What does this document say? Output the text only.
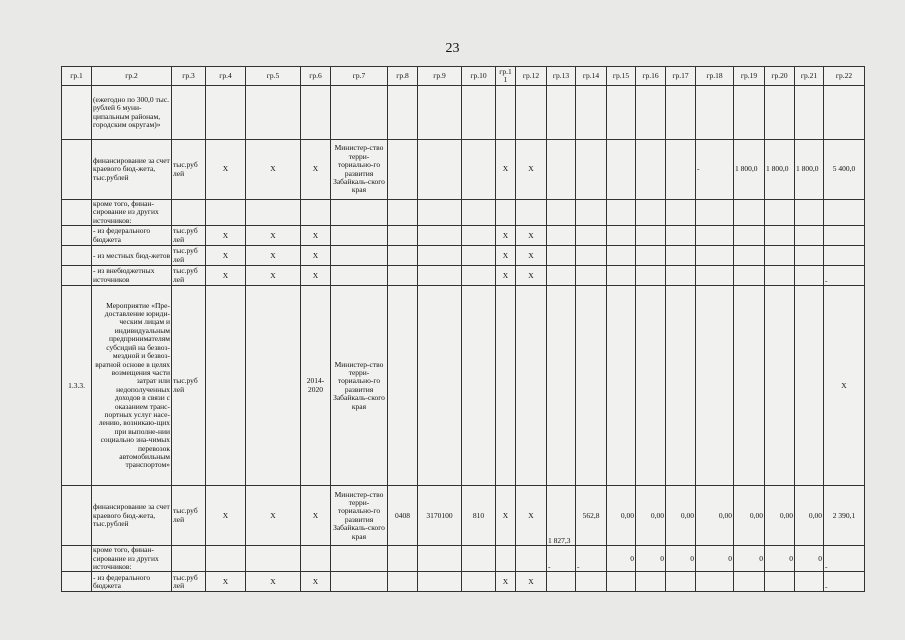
23
гр.1	гр.2	гр.3	гр.4	гр.5	гр.6	гр.7	гр.8	гр.9	гр.10	гр.1 1	гр.12	гр.13	гр.14	гр.15	гр.16	гр.17	гр.18	гр.19	гр.20	гр.21	гр.22
	(ежегодно по 300,0 тыс. рублей 6 муни-ципальным районам, городским округам)»																				
	финансирование за счет краевого бюд-жета, тыс.рублей	тыс.руб лей	Х	Х	Х	Министер-ство терри-ториально-го развития Забайкаль-ского края				Х	Х						-	1 800,0	1 800,0	1 800,0	5 400,0
	кроме того, финан-сирование из других источников:																				
	- из федерального бюджета	тыс.руб лей	Х	Х	Х					Х	Х										
	- из местных бюд-жетов	тыс.руб лей	Х	Х	Х					Х	Х										
	- из внебюджетных источников	тыс.руб лей	Х	Х	Х					Х	Х										-
1.3.3.	Мероприятие «Пре-доставление юриди-ческим лицам и индивидуальным предпринимателям субсидий на безвоз-мездной и безвоз-вратной основе в целях возмещения части затрат или недополученных доходов в связи с оказанием транс-портных услуг насе-лению, возникаю-щих при выполне-нии социально зна-чимых перевозок автомобильным транспортом»	тыс.руб лей			2014-2020	Министер-ство терри-ториально-го развития Забайкаль-ского края															Х
	финансирование за счет краевого бюд-жета, тыс.рублей	тыс.руб лей	Х	Х	Х	Министер-ство терри-ториально-го развития Забайкаль-ского края	0408	3170100	810	Х	Х	1 827,3	562,8	0,00	0,00	0,00	0,00	0,00	0,00	0,00	2 390,1
	кроме того, финан-сирование из других источников:											-	-	0	0	0	0	0	0	0	-
	- из федерального бюджета	тыс.руб лей	Х	Х	Х					Х	Х										-
